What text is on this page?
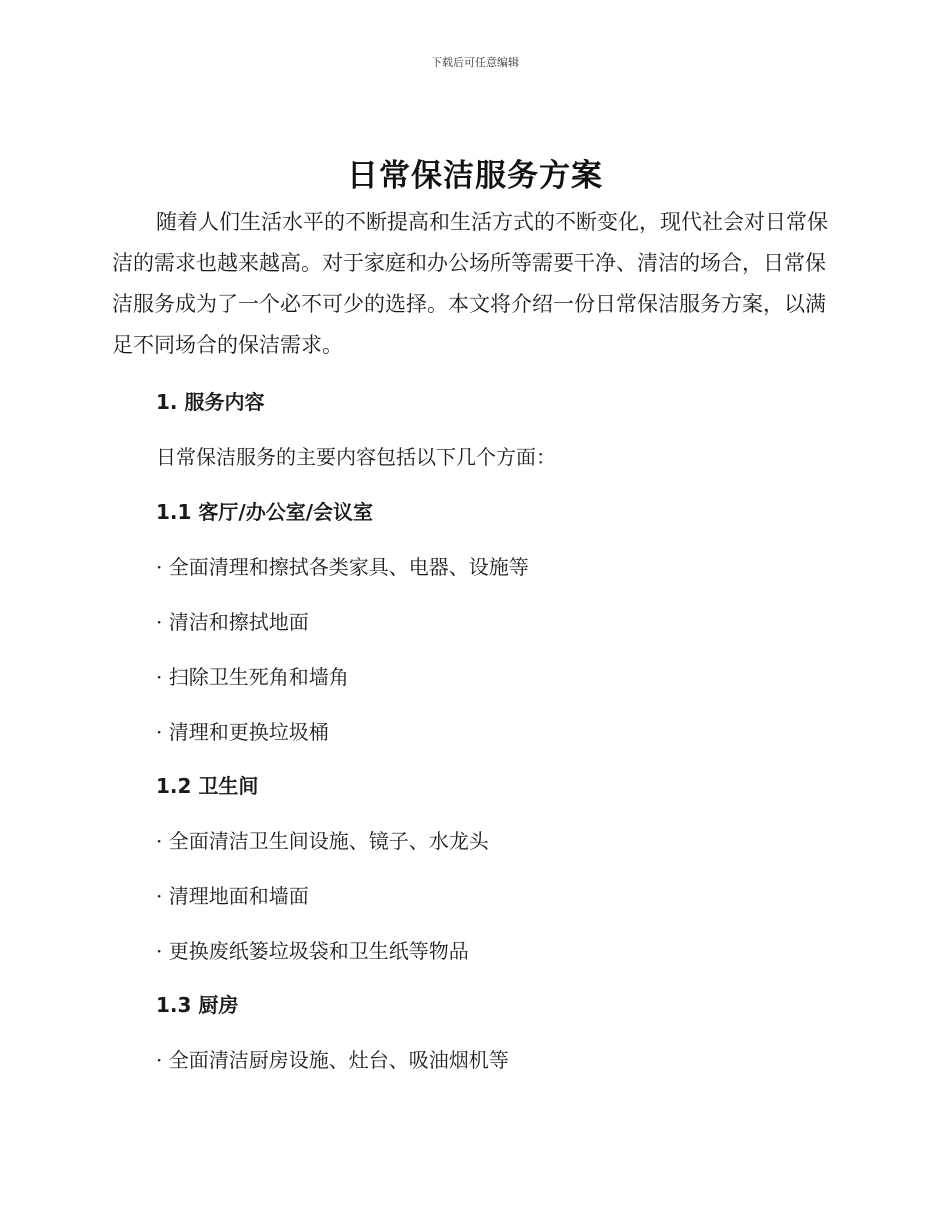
下载后可任意编辑
日常保洁服务方案

随着人们生活水平的不断提高和生活方式的不断变化，现代社会对日常保洁的需求也越来越高。对于家庭和办公场所等需要干净、清洁的场合，日常保洁服务成为了一个必不可少的选择。本文将介绍一份日常保洁服务方案，以满足不同场合的保洁需求。

1. 服务内容
日常保洁服务的主要内容包括以下几个方面：
1.1 客厅/办公室/会议室
· 全面清理和擦拭各类家具、电器、设施等
· 清洁和擦拭地面
· 扫除卫生死角和墙角
· 清理和更换垃圾桶
1.2 卫生间
· 全面清洁卫生间设施、镜子、水龙头
· 清理地面和墙面
· 更换废纸篓垃圾袋和卫生纸等物品
1.3 厨房
· 全面清洁厨房设施、灶台、吸油烟机等
